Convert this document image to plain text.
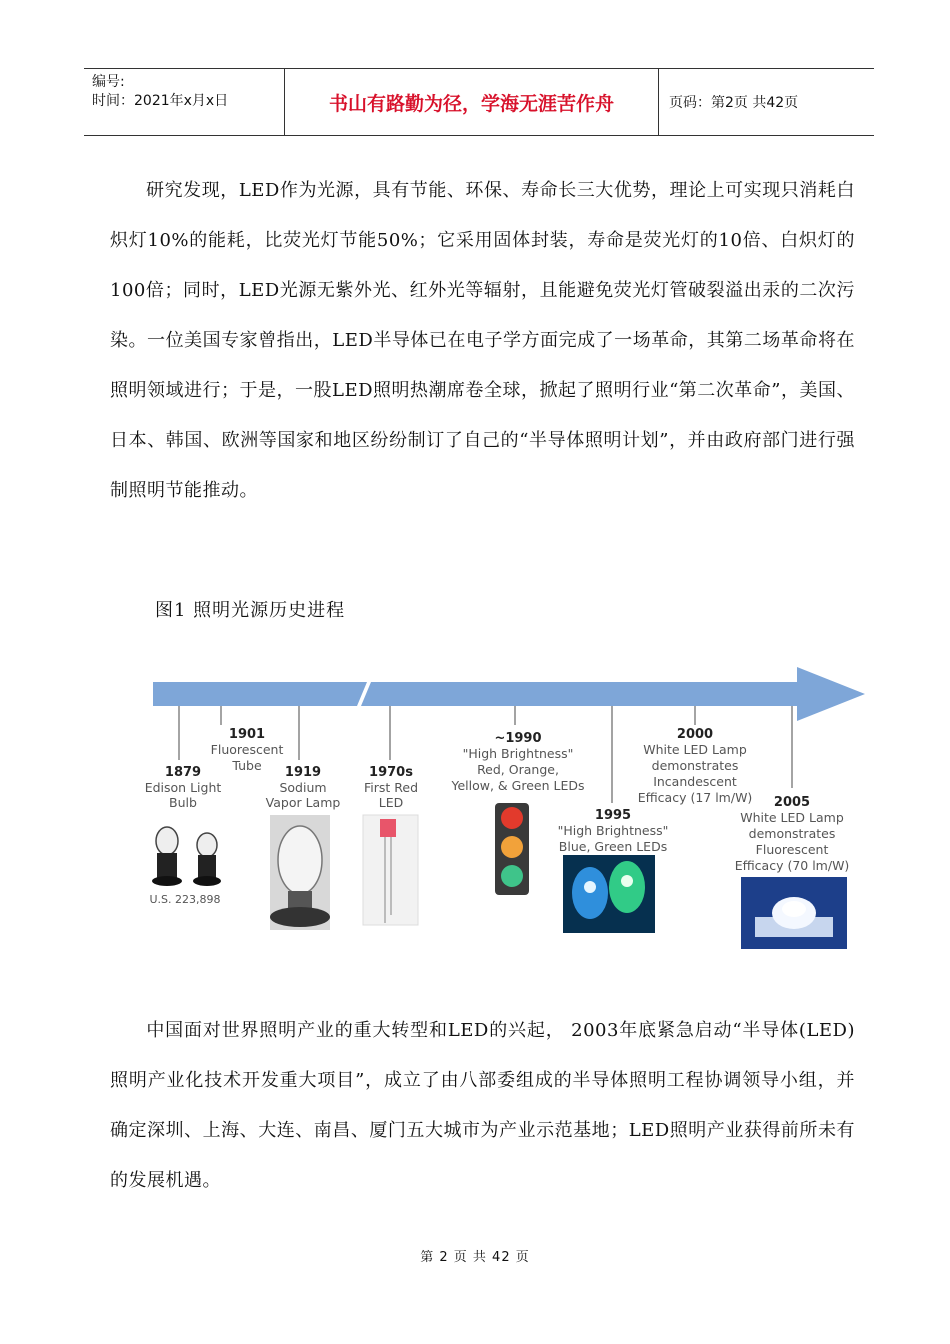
编号:
时间：2021年x月x日	书山有路勤为径，学海无涯苦作舟	页码：第2页 共42页
研究发现，LED作为光源，具有节能、环保、寿命长三大优势，理论上可实现只消耗白炽灯10%的能耗，比荧光灯节能50%；它采用固体封装，寿命是荧光灯的10倍、白炽灯的100倍；同时，LED光源无紫外光、红外光等辐射，且能避免荧光灯管破裂溢出汞的二次污染。一位美国专家曾指出，LED半导体已在电子学方面完成了一场革命，其第二场革命将在照明领域进行；于是，一股LED照明热潮席卷全球，掀起了照明行业“第二次革命”，美国、日本、韩国、欧洲等国家和地区纷纷制订了自己的“半导体照明计划”，并由政府部门进行强制照明节能推动。
图1 照明光源历史进程
1879
Edison Light
Bulb
U.S. 223,898
1901
Fluorescent
Tube 1919
Sodium
Vapor Lamp
1970s
First Red
LED
~1990
"High Brightness"
Red, Orange,
Yellow, & Green LEDs
1995
"High Brightness"
Blue, Green LEDs
2000
White LED Lamp
demonstrates
Incandescent
Efficacy (17 lm/W) 2005
White LED Lamp
demonstrates
Fluorescent
Efficacy (70 lm/W)
中国面对世界照明产业的重大转型和LED的兴起， 2003年底紧急启动“半导体(LED)照明产业化技术开发重大项目”，成立了由八部委组成的半导体照明工程协调领导小组，并确定深圳、上海、大连、南昌、厦门五大城市为产业示范基地；LED照明产业获得前所未有的发展机遇。
第 2 页 共 42 页
